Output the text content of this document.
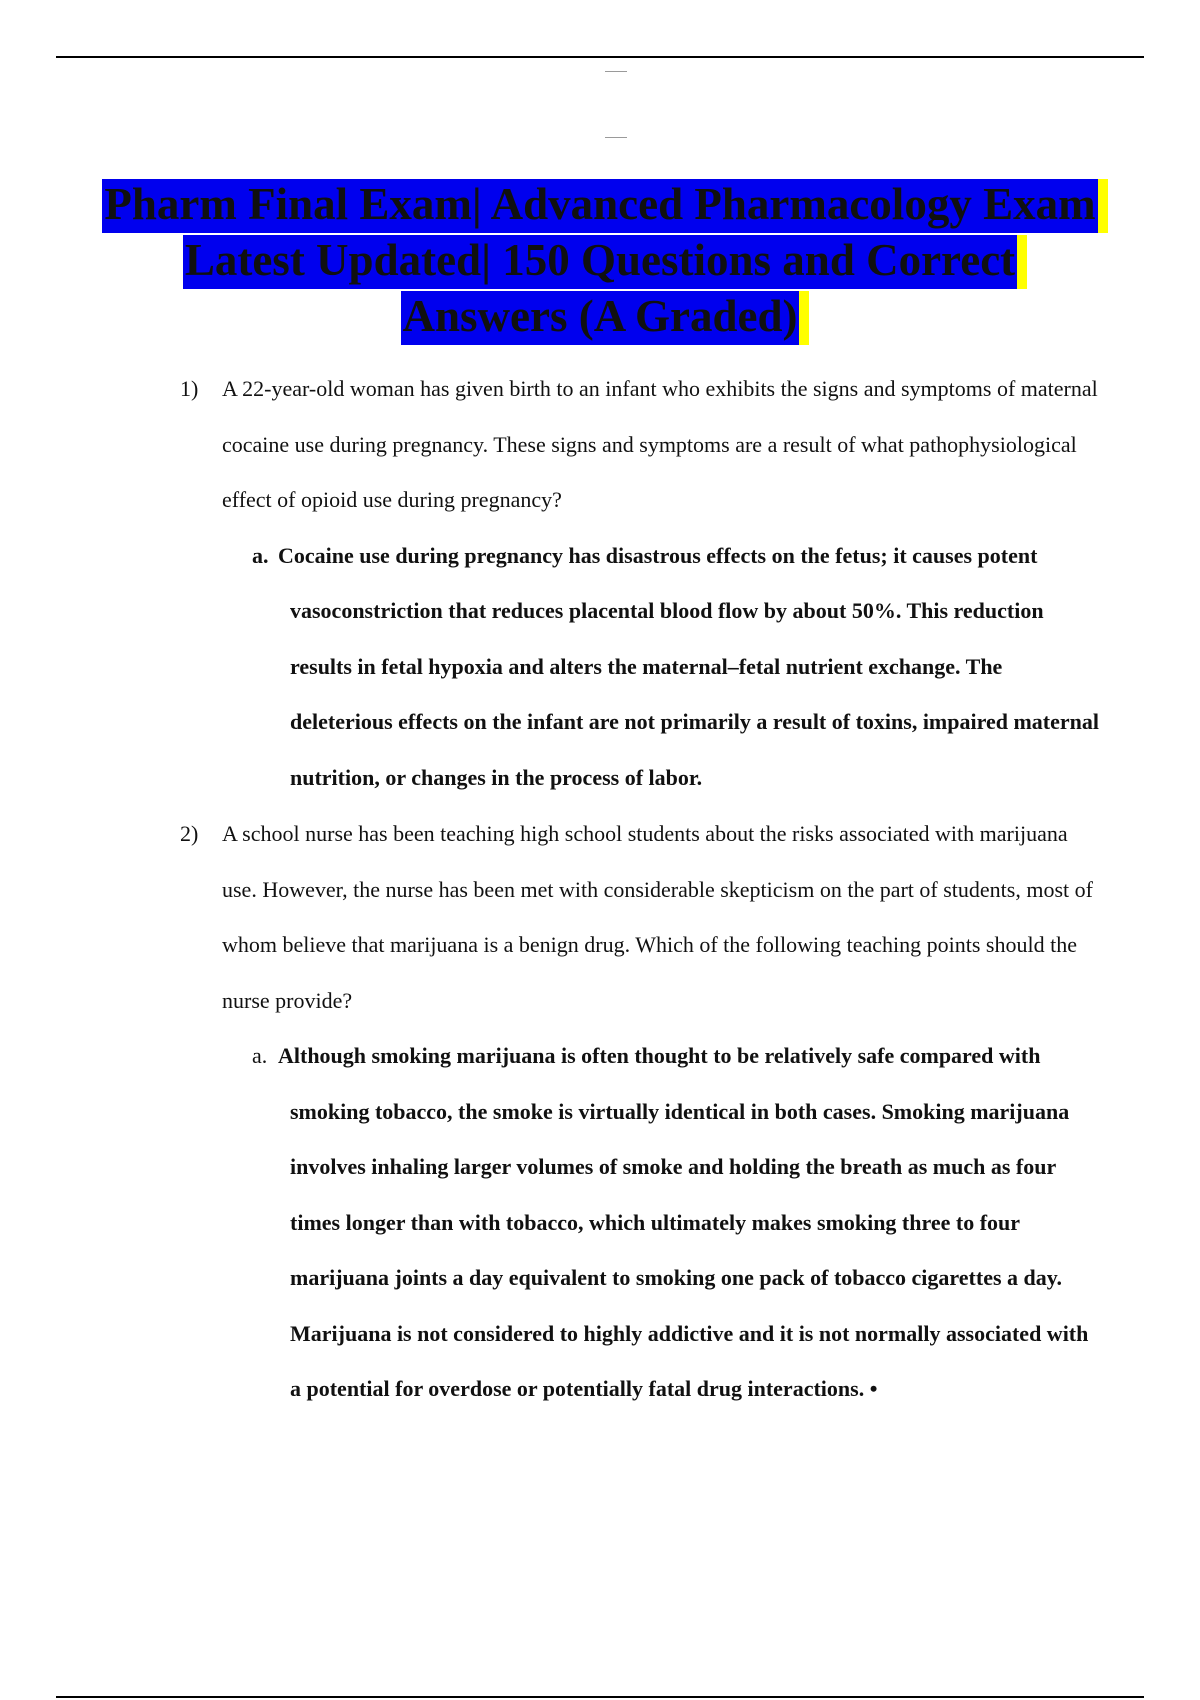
Pharm Final Exam| Advanced Pharmacology Exam Latest Updated| 150 Questions and Correct Answers (A Graded)

1) A 22-year-old woman has given birth to an infant who exhibits the signs and symptoms of maternal cocaine use during pregnancy. These signs and symptoms are a result of what pathophysiological effect of opioid use during pregnancy?

a. Cocaine use during pregnancy has disastrous effects on the fetus; it causes potent vasoconstriction that reduces placental blood flow by about 50%. This reduction results in fetal hypoxia and alters the maternal–fetal nutrient exchange. The deleterious effects on the infant are not primarily a result of toxins, impaired maternal nutrition, or changes in the process of labor.

2) A school nurse has been teaching high school students about the risks associated with marijuana use. However, the nurse has been met with considerable skepticism on the part of students, most of whom believe that marijuana is a benign drug. Which of the following teaching points should the nurse provide?

a. Although smoking marijuana is often thought to be relatively safe compared with smoking tobacco, the smoke is virtually identical in both cases. Smoking marijuana involves inhaling larger volumes of smoke and holding the breath as much as four times longer than with tobacco, which ultimately makes smoking three to four marijuana joints a day equivalent to smoking one pack of tobacco cigarettes a day. Marijuana is not considered to highly addictive and it is not normally associated with a potential for overdose or potentially fatal drug interactions. •
